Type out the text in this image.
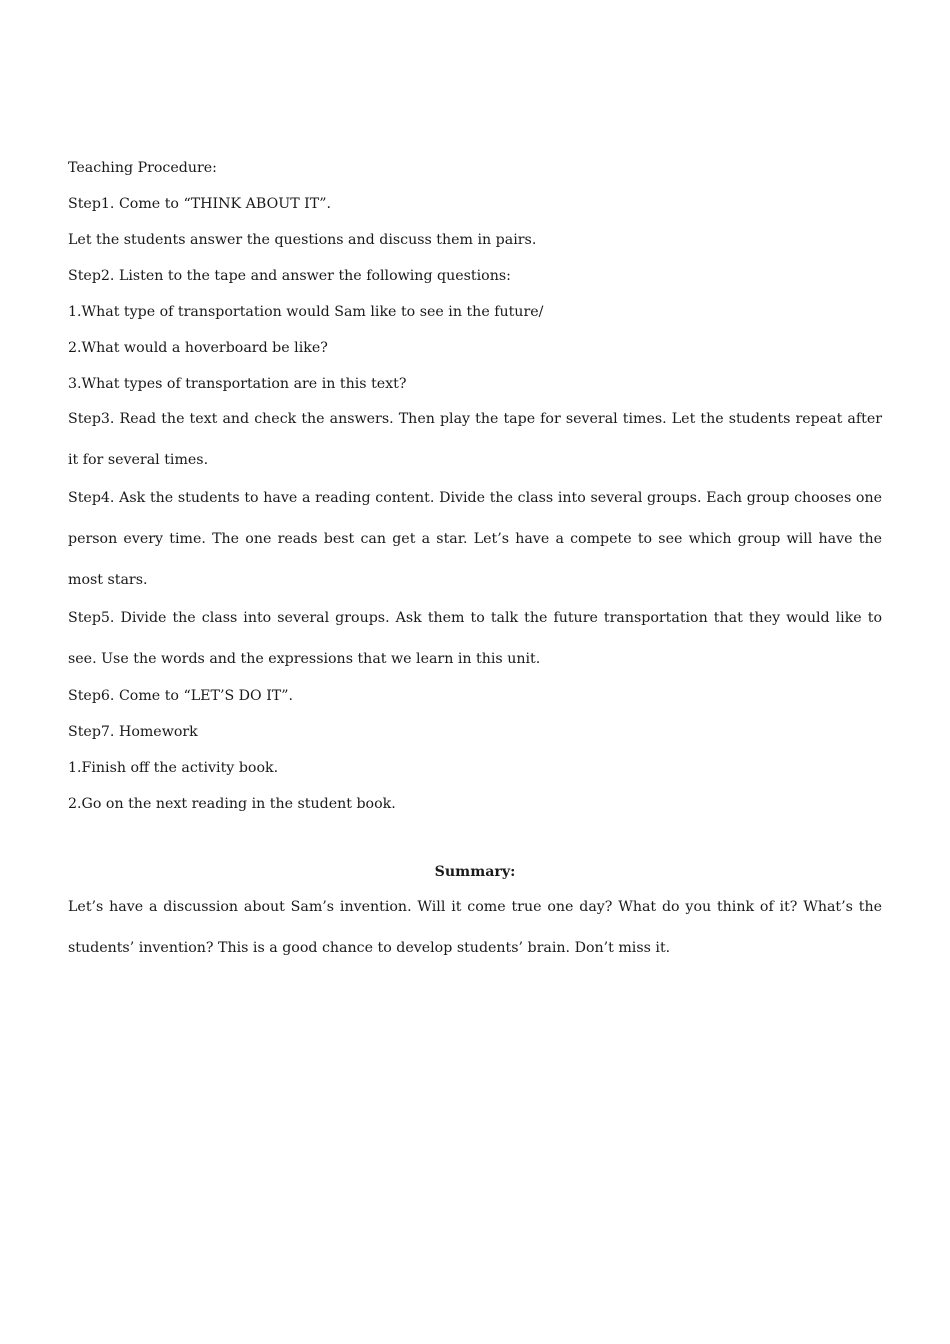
Teaching Procedure:
Step1. Come to “THINK ABOUT IT”.
Let the students answer the questions and discuss them in pairs.
Step2. Listen to the tape and answer the following questions:
1.What type of transportation would Sam like to see in the future/
2.What would a hoverboard be like?
3.What types of transportation are in this text?
Step3. Read the text and check the answers. Then play the tape for several times. Let the students repeat after it for several times.
Step4. Ask the students to have a reading content. Divide the class into several groups. Each group chooses one person every time. The one reads best can get a star. Let’s have a compete to see which group will have the most stars.
Step5. Divide the class into several groups. Ask them to talk the future transportation that they would like to see. Use the words and the expressions that we learn in this unit.
Step6. Come to “LET’S DO IT”.
Step7. Homework
1.Finish off the activity book.
2.Go on the next reading in the student book.
Summary:
Let’s have a discussion about Sam’s invention. Will it come true one day? What do you think of it? What’s the students’ invention? This is a good chance to develop students’ brain. Don’t miss it.
